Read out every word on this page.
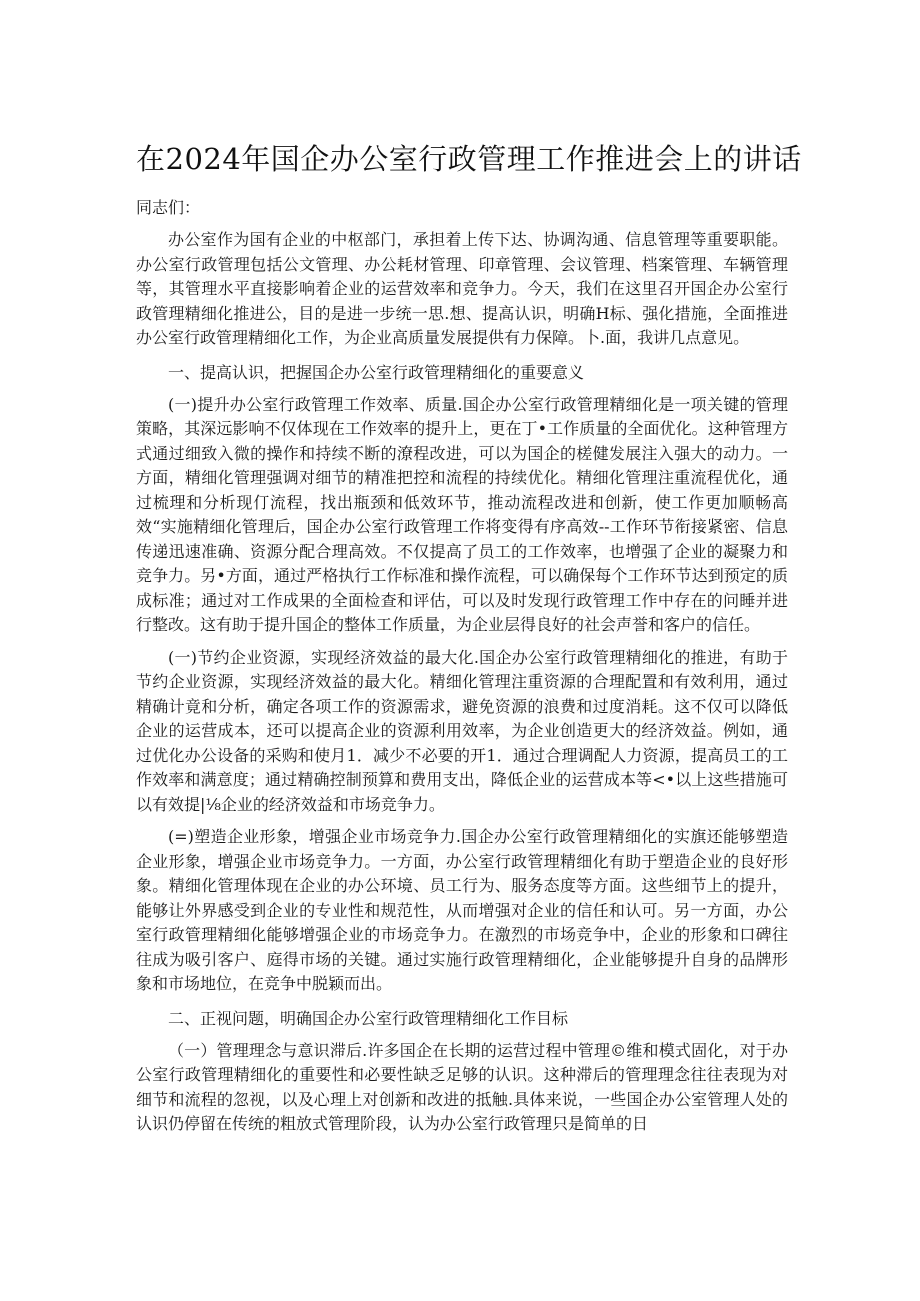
在2024年国企办公室行政管理工作推进会上的讲话
同志们：
办公室作为国有企业的中枢部门，承担着上传下达、协调沟通、信息管理等重要职能。办公室行政管理包括公文管理、办公耗材管理、印章管理、会议管理、档案管理、车辆管理等，其管理水平直接影响着企业的运营效率和竞争力。今天，我们在这里召开国企办公室行政管理精细化推进公，目的是进一步统一思.想、提高认识，明确H标、强化措施，全面推进办公室行政管理精细化工作，为企业高质量发展提供有力保障。卜.面，我讲几点意见。
一、提高认识，把握国企办公室行政管理精细化的重要意义
(一)提升办公室行政管理工作效率、质量.国企办公室行政管理精细化是一项关键的管理策略，其深远影响不仅体现在工作效率的提升上，更在丁•工作质量的全面优化。这种管理方式通过细致入微的操作和持续不断的潦程改进，可以为国企的槎健发展注入强大的动力。一方面，精细化管理强调对细节的精准把控和流程的持续优化。精细化管理注重流程优化，通过梳理和分析现仃流程，找出瓶颈和低效环节，推动流程改进和创新，使工作更加顺畅高效“实施精细化管理后，国企办公室行政管理工作将变得有序高效--工作环节衔接紧密、信息传递迅速准确、资源分配合理高效。不仅提高了员工的工作效率，也增强了企业的凝聚力和竞争力。另•方面，通过严格执行工作标准和操作流程，可以确保每个工作环节达到预定的质成标准；通过对工作成果的全面检查和评估，可以及时发现行政管理工作中存在的问睡并进行整改。这有助于提升国企的整体工作质量，为企业层得良好的社会声誉和客户的信任。
(一)节约企业资源，实现经济效益的最大化.国企办公室行政管理精细化的推进，有助于节约企业资源，实现经济效益的最大化。精细化管理注重资源的合理配置和有效利用，通过精确计竟和分析，确定各项工作的资源需求，避免资源的浪费和过度消耗。这不仅可以降低企业的运营成本，还可以提高企业的资源利用效率，为企业创造更大的经济效益。例如，通过优化办公设备的采购和使月1．减少不必要的开1．通过合理调配人力资源，提高员工的工作效率和满意度；通过精确控制预算和费用支出，降低企业的运营成本等<•以上这些措施可以有效提|⅛企业的经济效益和市场竞争力。
(=)塑造企业形象，增强企业市场竞争力.国企办公室行政管理精细化的实旗还能够塑造企业形象，增强企业市场竞争力。一方面，办公室行政管理精细化有助于塑造企业的良好形象。精细化管理体现在企业的办公环境、员工行为、服务态度等方面。这些细节上的提升，能够让外界感受到企业的专业性和规范性，从而增强对企业的信任和认可。另一方面，办公室行政管理精细化能够增强企业的市场竞争力。在激烈的市场竞争中，企业的形象和口碑往往成为吸引客户、庭得市场的关键。通过实施行政管理精细化，企业能够提升自身的品牌形象和市场地位，在竞争中脱颖而出。
二、正视问题，明确国企办公室行政管理精细化工作目标
（一）管理理念与意识滞后.许多国企在长期的运营过程中管理©维和模式固化，对于办公室行政管理精细化的重要性和必要性缺乏足够的认识。这种滞后的管理理念往往表现为对细节和流程的忽视，以及心理上对创新和改进的抵触.具体来说，一些国企办公室管理人处的认识仍停留在传统的粗放式管理阶段，认为办公室行政管理只是简单的日
